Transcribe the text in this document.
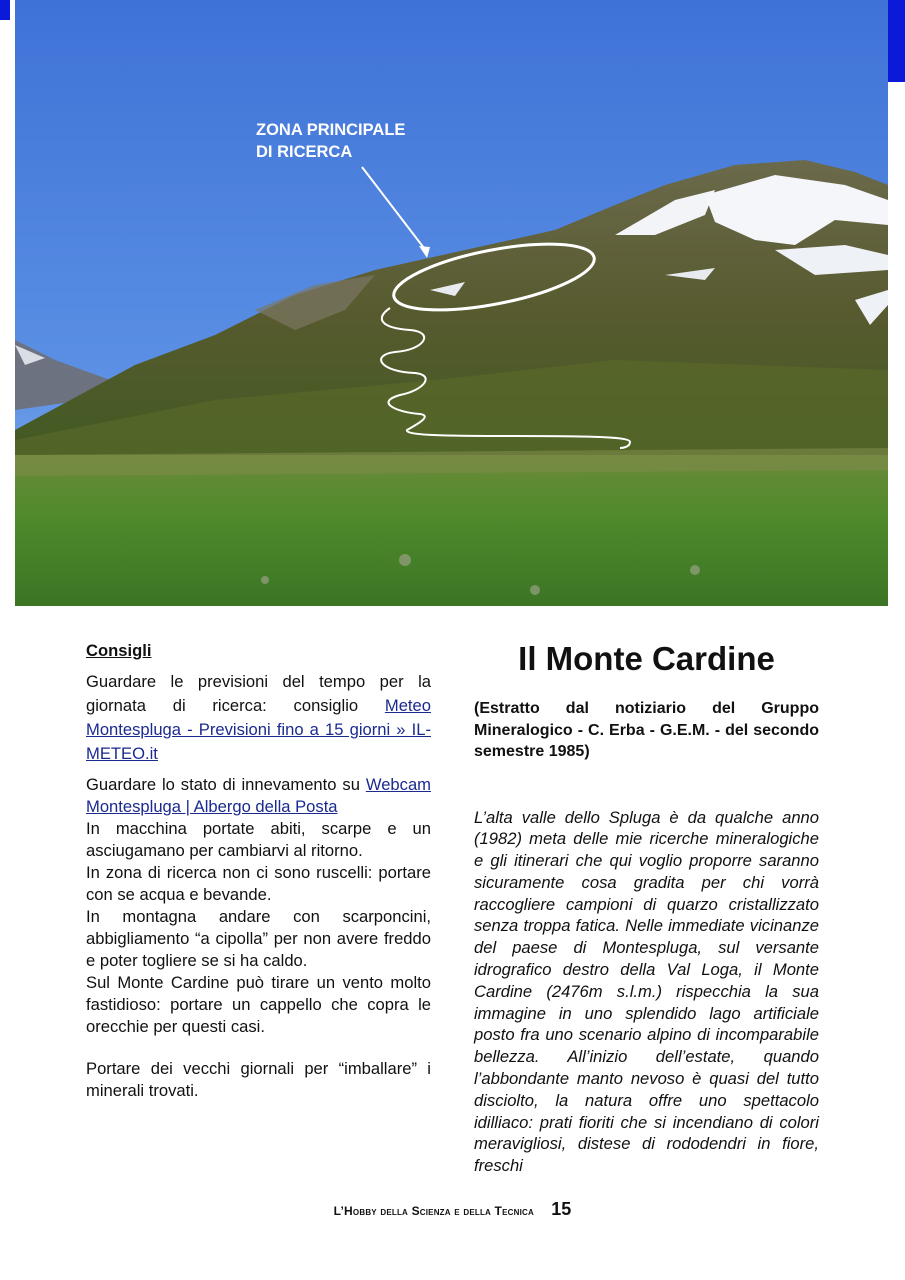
ZONA PRINCIPALE
DI RICERCA

Consigli

Guardare le previsioni del tempo per la giornata di ricerca: consiglio Meteo Montespluga - Previsioni fino a 15 giorni » IL-METEO.it

Guardare lo stato di innevamento su Webcam Montespluga | Albergo della Posta

In macchina portate abiti, scarpe e un asciugamano per cambiarvi al ritorno.

In zona di ricerca non ci sono ruscelli: portare con se acqua e bevande.

In montagna andare con scarponcini, abbigliamento “a cipolla” per non avere freddo e poter togliere se si ha caldo.

Sul Monte Cardine può tirare un vento molto fastidioso: portare un cappello che copra le orecchie per questi casi.

Portare dei vecchi giornali per “imballare” i minerali trovati.

Il Monte Cardine

(Estratto dal notiziario del Gruppo Mineralogico - C. Erba - G.E.M. - del secondo semestre 1985)

L’alta valle dello Spluga è da qualche anno (1982) meta delle mie ricerche mineralogiche e gli itinerari che qui voglio proporre saranno sicuramente cosa gradita per chi vorrà raccogliere campioni di quarzo cristallizzato senza troppa fatica. Nelle immediate vicinanze del paese di Montespluga, sul versante idrografico destro della Val Loga, il Monte Cardine (2476m s.l.m.) rispecchia la sua immagine in uno splendido lago artificiale posto fra uno scenario alpino di incomparabile bellezza. All’inizio dell’estate, quando l’abbondante manto nevoso è quasi del tutto disciolto, la natura offre uno spettacolo idilliaco: prati fioriti che si incendiano di colori meravigliosi, distese di rododendri in fiore, freschi

L’Hobby della Scienza e della Tecnica 15
